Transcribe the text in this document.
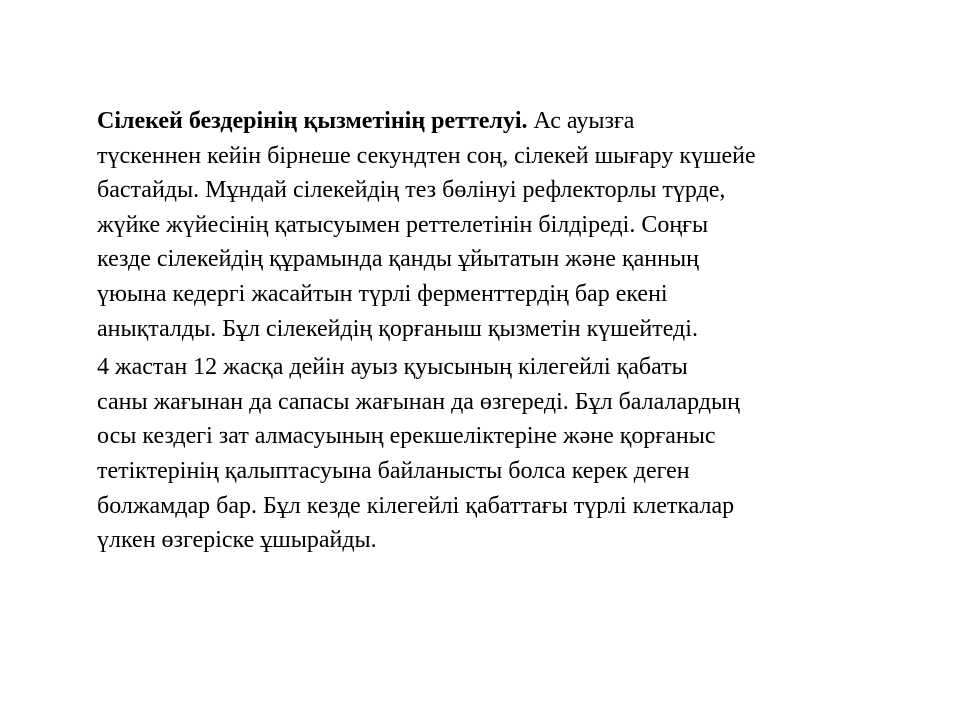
Сілекей бездерінің қызметінің реттелуі. Ас ауызға
түскеннен кейін бірнеше секундтен соң, сілекей шығару күшейе
бастайды. Мұндай сілекейдің тез бөлінуі рефлекторлы түрде,
жүйке жүйесінің қатысуымен реттелетінін білдіреді. Соңғы
кезде сілекейдің құрамында қанды ұйытатын және қанның
үюына кедергі жасайтын түрлі ферменттердің бар екені
анықталды. Бұл сілекейдің қорғаныш қызметін күшейтеді.

4 жастан 12 жасқа дейін ауыз қуысының кілегейлі қабаты
саны жағынан да сапасы жағынан да өзгереді. Бұл балалардың
осы кездегі зат алмасуының ерекшеліктеріне және қорғаныс
тетіктерінің қалыптасуына байланысты болса керек деген
болжамдар бар. Бұл кезде кілегейлі қабаттағы түрлі клеткалар
үлкен өзгеріске ұшырайды.
